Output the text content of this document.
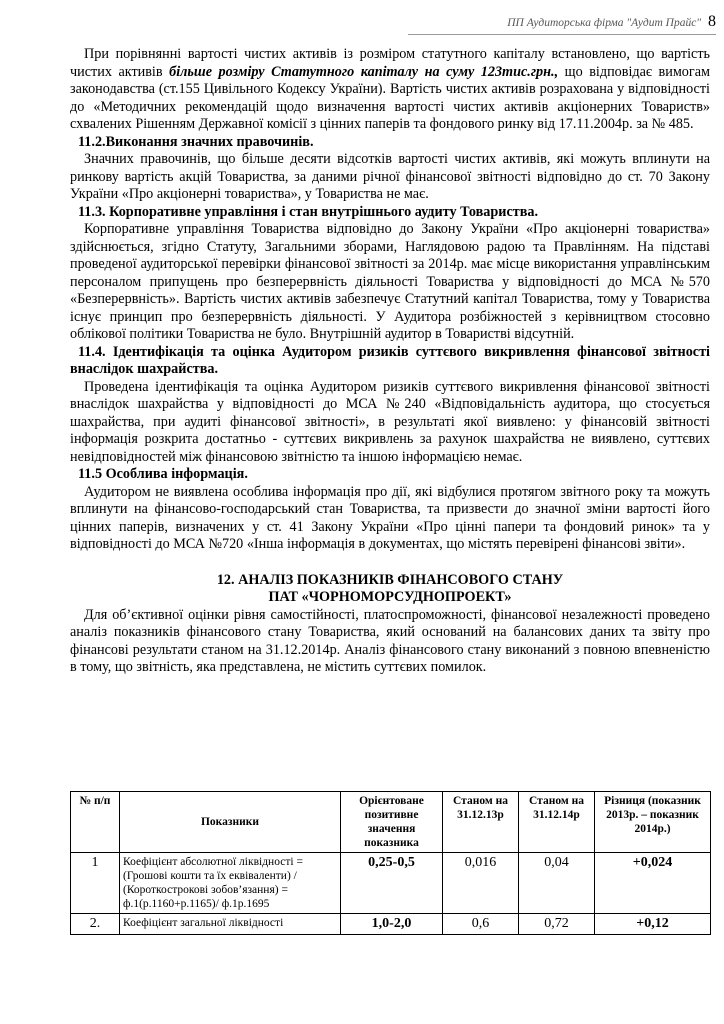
ПП Аудиторська фірма "Аудит Прайс" 8

При порівнянні вартості чистих активів із розміром статутного капіталу встановлено, що вартість чистих активів більше розміру Статутного капіталу на суму 123тис.грн., що відповідає вимогам законодавства (ст.155 Цивільного Кодексу України). Вартість чистих активів розрахована у відповідності до «Методичних рекомендацій щодо визначення вартості чистих активів акціонерних Товариств» схвалених Рішенням Державної комісії з цінних паперів та фондового ринку від 17.11.2004р. за № 485.

11.2.Виконання значних правочинів.

Значних правочинів, що більше десяти відсотків вартості чистих активів, які можуть вплинути на ринкову вартість акцій Товариства, за даними річної фінансової звітності відповідно до ст. 70 Закону України «Про акціонерні товариства», у Товариства не має.

11.3. Корпоративне управління і стан внутрішнього аудиту Товариства.

Корпоративне управління Товариства відповідно до Закону України «Про акціонерні товариства» здійснюється, згідно Статуту, Загальними зборами, Наглядовою радою та Правлінням. На підставі проведеної аудиторської перевірки фінансової звітності за 2014р. має місце використання управлінським персоналом припущень про безперервність діяльності Товариства у відповідності до МСА №570 «Безперервність». Вартість чистих активів забезпечує Статутний капітал Товариства, тому у Товариства існує принцип про безперервність діяльності. У Аудитора розбіжностей з керівництвом стосовно облікової політики Товариства не було. Внутрішній аудитор в Товаристві відсутній.

11.4. Ідентифікація та оцінка Аудитором ризиків суттєвого викривлення фінансової звітності внаслідок шахрайства.

Проведена ідентифікація та оцінка Аудитором ризиків суттєвого викривлення фінансової звітності внаслідок шахрайства у відповідності до МСА №240 «Відповідальність аудитора, що стосується шахрайства, при аудиті фінансової звітності», в результаті якої виявлено: у фінансовій звітності інформація розкрита достатньо - суттєвих викривлень за рахунок шахрайства не виявлено, суттєвих невідповідностей між фінансовою звітністю та іншою інформацією немає.

11.5 Особлива інформація.

Аудитором не виявлена особлива інформація про дії, які відбулися протягом звітного року та можуть вплинути на фінансово-господарський стан Товариства, та призвести до значної зміни вартості його цінних паперів, визначених у ст. 41 Закону України «Про цінні папери та фондовий ринок» та у відповідності до МСА №720 «Інша інформація в документах, що містять перевірені фінансові звіти».

12. АНАЛІЗ ПОКАЗНИКІВ ФІНАНСОВОГО СТАНУ

ПАТ «ЧОРНОМОРСУДНОПРОЕКТ»

Для об’єктивної оцінки рівня самостійності, платоспроможності, фінансової незалежності проведено аналіз показників фінансового стану Товариства, який оснований на балансових даних та звіту про фінансові результати станом на 31.12.2014р. Аналіз фінансового стану виконаний з повною впевненістю в тому, що звітність, яка представлена, не містить суттєвих помилок.

№ п/п	Показники	Орієнтоване позитивне значення показника	Станом на 31.12.13р	Станом на 31.12.14р	Різниця (показник 2013р. – показник 2014р.)
1	Коефіцієнт абсолютної ліквідності =(Грошові кошти та їх еквіваленти) / (Короткострокові зобов’язання) = ф.1(р.1160+р.1165)/ ф.1р.1695	0,25-0,5	0,016	0,04	+0,024
2.	Коефіцієнт загальної ліквідності	1,0-2,0	0,6	0,72	+0,12
